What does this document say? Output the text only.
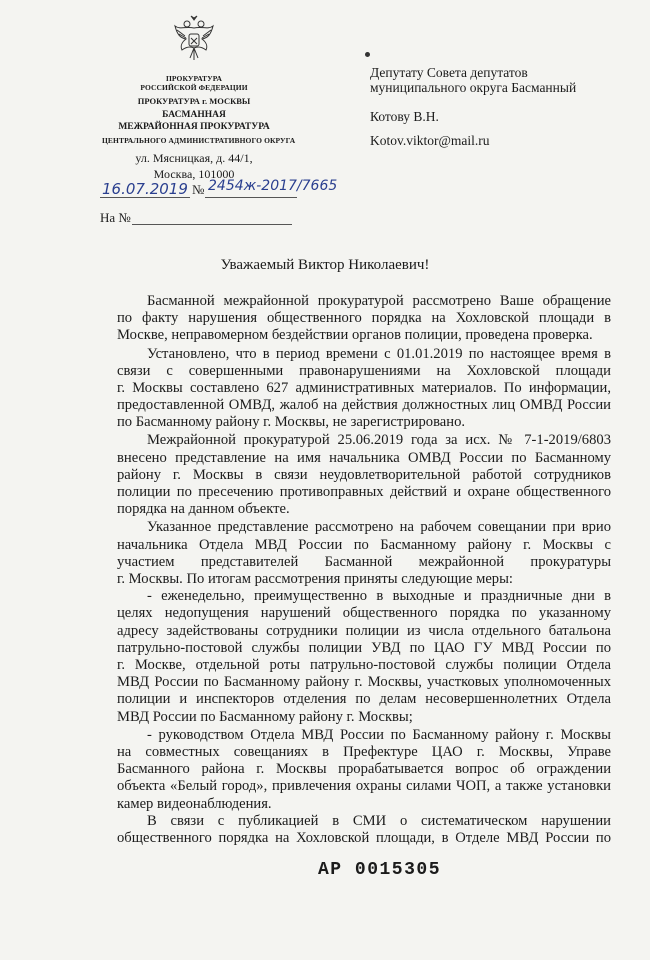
ПРОКУРАТУРА
РОССИЙСКОЙ ФЕДЕРАЦИИ
ПРОКУРАТУРА г. МОСКВЫ
БАСМАННАЯ
МЕЖРАЙОННАЯ ПРОКУРАТУРА
ЦЕНТРАЛЬНОГО АДМИНИСТРАТИВНОГО ОКРУГА
ул. Мясницкая, д. 44/1,
Москва, 101000
16.07.2019 № 2454ж-2017/7665
На №
Депутату Совета депутатов
муниципального округа Басманный
Котову В.Н.
Kotov.viktor@mail.ru
Уважаемый Виктор Николаевич!
Басманной межрайонной прокуратурой рассмотрено Ваше обращение
по факту нарушения общественного порядка на Хохловской площади в
Москве, неправомерном бездействии органов полиции, проведена проверка.
Установлено, что в период времени с 01.01.2019 по настоящее время в
связи с совершенными правонарушениями на Хохловской площади
г. Москвы составлено 627 административных материалов. По информации,
предоставленной ОМВД, жалоб на действия должностных лиц ОМВД России
по Басманному району г. Москвы, не зарегистрировано.
Межрайонной прокуратурой 25.06.2019 года за исх. № 7-1-2019/6803
внесено представление на имя начальника ОМВД России по Басманному
району г. Москвы в связи неудовлетворительной работой сотрудников
полиции по пресечению противоправных действий и охране общественного
порядка на данном объекте.
Указанное представление рассмотрено на рабочем совещании при врио
начальника Отдела МВД России по Басманному району г. Москвы с
участием представителей Басманной межрайонной прокуратуры
г. Москвы. По итогам рассмотрения приняты следующие меры:
- еженедельно, преимущественно в выходные и праздничные дни в
целях недопущения нарушений общественного порядка по указанному
адресу задействованы сотрудники полиции из числа отдельного батальона
патрульно-постовой службы полиции УВД по ЦАО ГУ МВД России по
г. Москве, отдельной роты патрульно-постовой службы полиции Отдела
МВД России по Басманному району г. Москвы, участковых уполномоченных
полиции и инспекторов отделения по делам несовершеннолетних Отдела
МВД России по Басманному району г. Москвы;
- руководством Отдела МВД России по Басманному району г. Москвы
на совместных совещаниях в Префектуре ЦАО г. Москвы, Управе
Басманного района г. Москвы прорабатывается вопрос об ограждении
объекта «Белый город», привлечения охраны силами ЧОП, а также установки
камер видеонаблюдения.
В связи с публикацией в СМИ о систематическом нарушении
общественного порядка на Хохловской площади, в Отделе МВД России по
АР 0015305
